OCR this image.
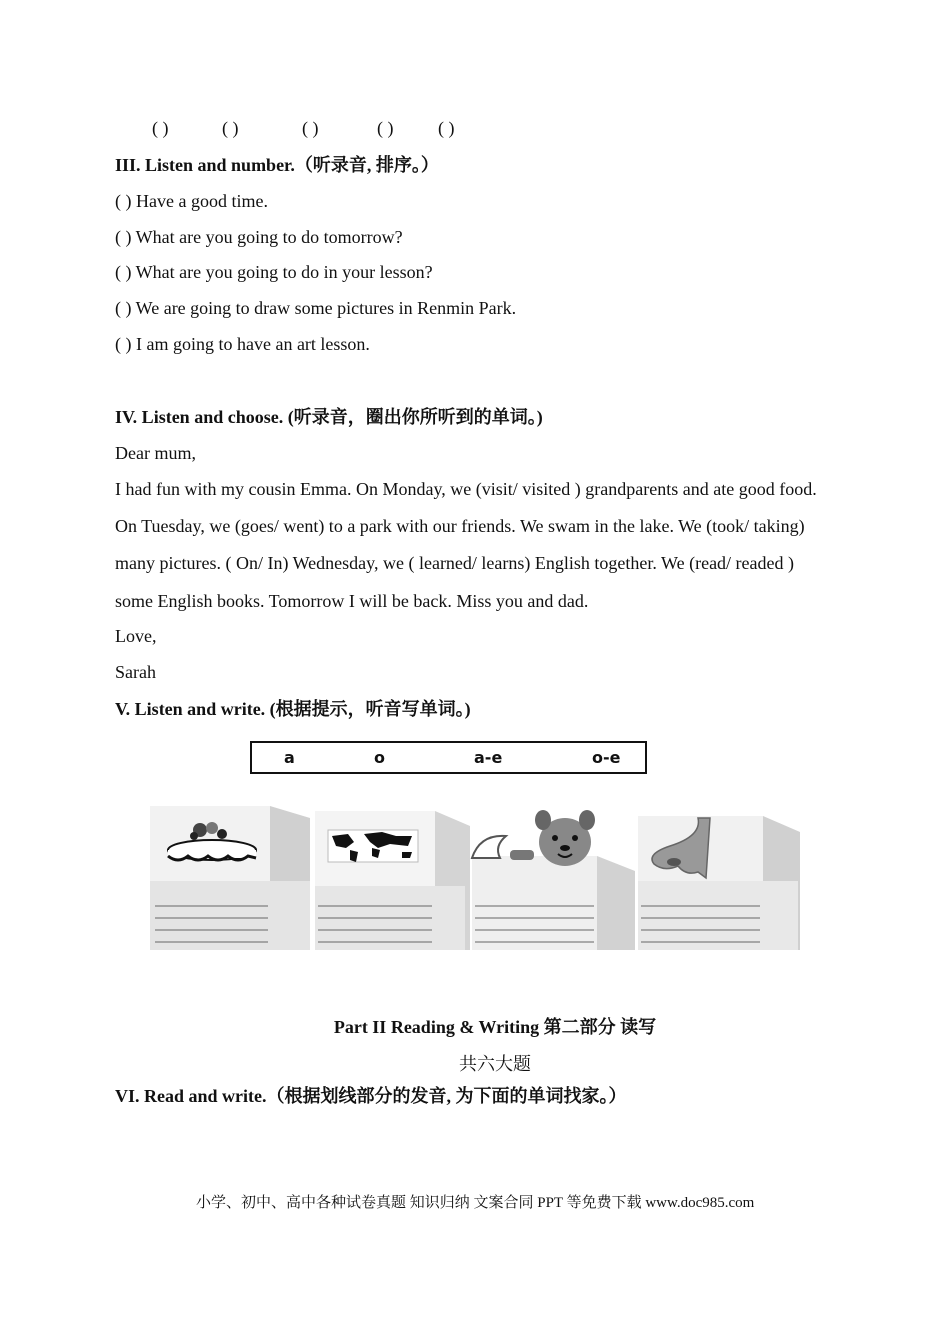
( )	( )	( )	( ) ( )
III. Listen and number.（听录音, 排序。）
( ) Have a good time.
( ) What are you going to do tomorrow?
( ) What are you going to do in your lesson?
( ) We are going to draw some pictures in Renmin Park.
( ) I am going to have an art lesson.
IV. Listen and choose. (听录音，圈出你所听到的单词。)
Dear mum,
I had fun with my cousin Emma. On Monday, we (visit/ visited ) grandparents and ate good food.
On Tuesday, we (goes/ went) to a park with our friends. We swam in the lake. We (took/ taking)
many pictures. ( On/ In) Wednesday, we ( learned/ learns) English together. We (read/ readed )
some English books. Tomorrow I will be back. Miss you and dad.
Love,
Sarah
V. Listen and write. (根据提示，听音写单词。)
a	o	a-e	o-e
Part II Reading & Writing 第二部分 读写
共六大题
VI. Read and write.（根据划线部分的发音, 为下面的单词找家。）
小学、初中、高中各种试卷真题 知识归纳 文案合同 PPT 等免费下载 www.doc985.com
